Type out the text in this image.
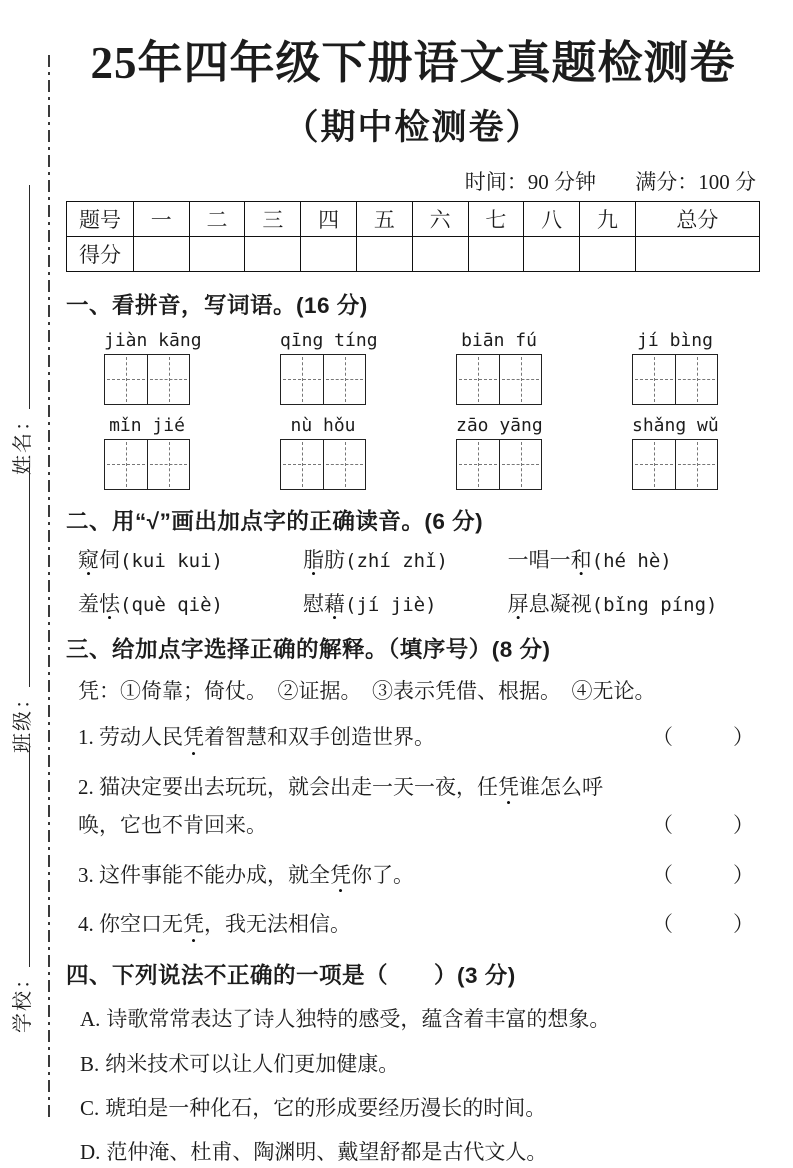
姓名：
班级：
学校：
25年四年级下册语文真题检测卷
（期中检测卷）
时间：90 分钟 满分：100 分
题号	一	二	三	四	五	六	七	八	九	总分
得分										
一、看拼音，写词语。(16 分)
jiàn kāng	qīng tíng	biān fú	jí bìng
mǐn jié	nù hǒu	zāo yāng	shǎng wǔ
二、用“√”画出加点字的正确读音。(6 分)
窥伺(kui kui)	脂肪(zhí zhǐ)	一唱一和(hé hè)
羞怯(què qiè)	慰藉(jí jiè)	屏息凝视(bǐng píng)
三、给加点字选择正确的解释。（填序号）(8 分)
凭：①倚靠；倚仗。　②证据。　③表示凭借、根据。　④无论。
1. 劳动人民凭着智慧和双手创造世界。	（　　）
2. 猫决定要出去玩玩，就会出走一天一夜，任凭谁怎么呼唤，它也不肯回来。	（　　）
3. 这件事能不能办成，就全凭你了。	（　　）
4. 你空口无凭，我无法相信。	（　　）
四、下列说法不正确的一项是（　　）(3 分)
A. 诗歌常常表达了诗人独特的感受，蕴含着丰富的想象。
B. 纳米技术可以让人们更加健康。
C. 琥珀是一种化石，它的形成要经历漫长的时间。
D. 范仲淹、杜甫、陶渊明、戴望舒都是古代文人。
